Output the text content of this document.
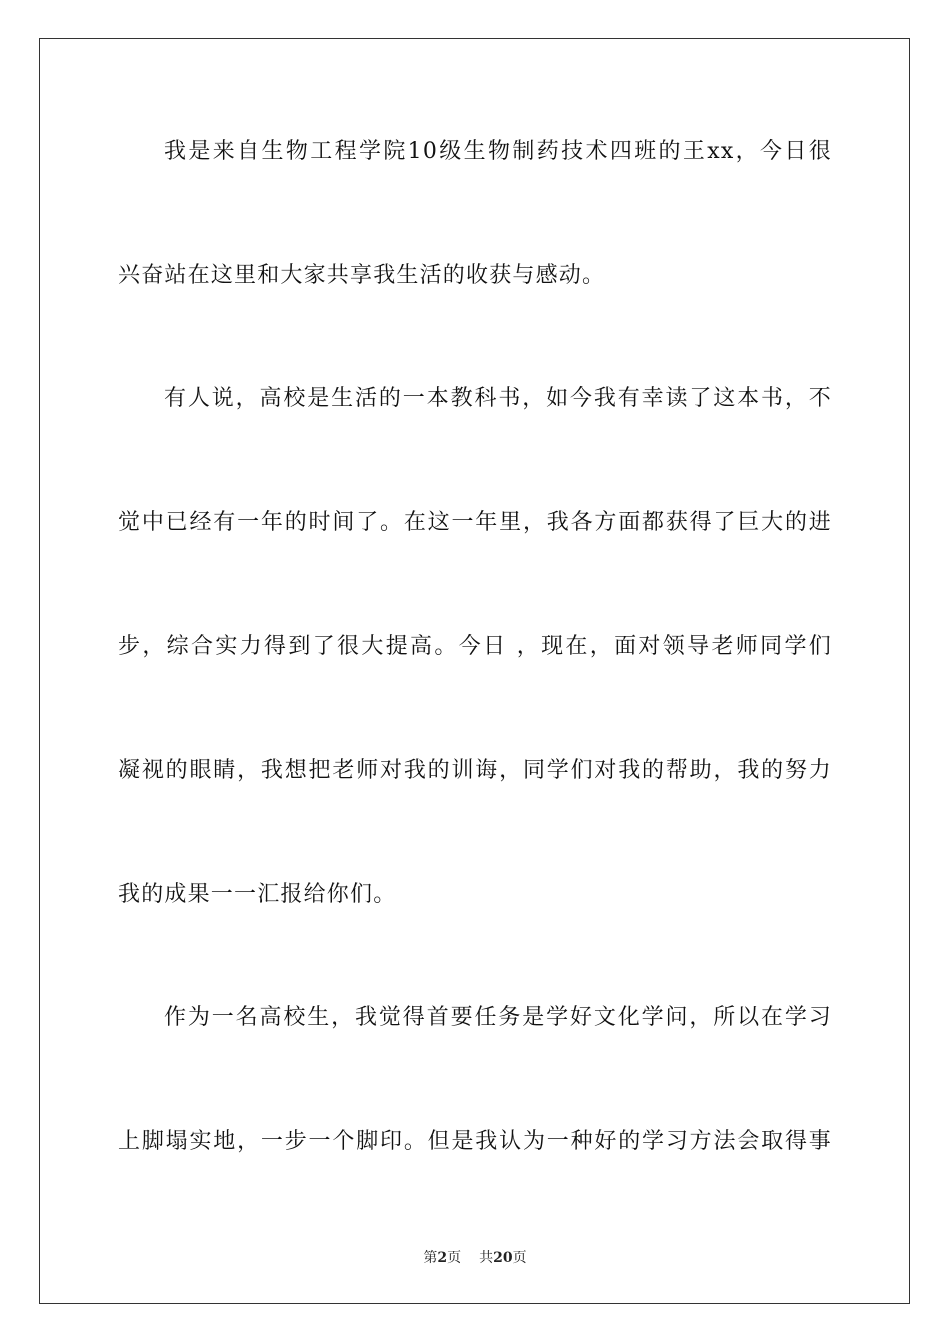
我是来自生物工程学院10级生物制药技术四班的王xx，今日很
兴奋站在这里和大家共享我生活的收获与感动。
有人说，高校是生活的一本教科书，如今我有幸读了这本书，不
觉中已经有一年的时间了。在这一年里，我各方面都获得了巨大的进
步，综合实力得到了很大提高。今日 ，现在，面对领导老师同学们
凝视的眼睛，我想把老师对我的训诲，同学们对我的帮助，我的努力
我的成果一一汇报给你们。
作为一名高校生，我觉得首要任务是学好文化学问，所以在学习
上脚塌实地，一步一个脚印。但是我认为一种好的学习方法会取得事
第2页 共20页
